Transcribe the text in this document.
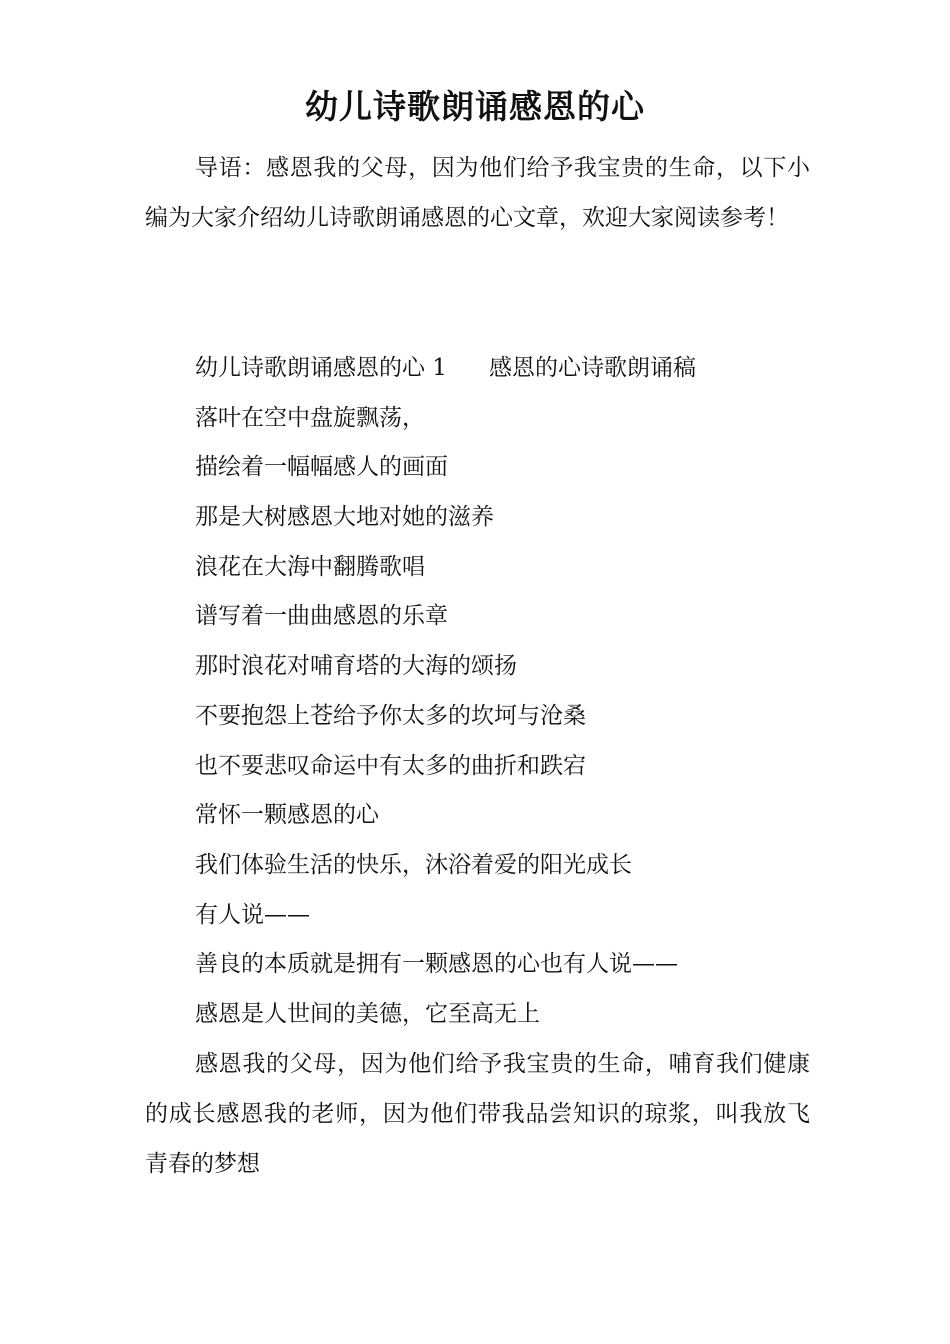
幼儿诗歌朗诵感恩的心

导语：感恩我的父母，因为他们给予我宝贵的生命，以下小编为大家介绍幼儿诗歌朗诵感恩的心文章，欢迎大家阅读参考！

幼儿诗歌朗诵感恩的心 1 感恩的心诗歌朗诵稿
落叶在空中盘旋飘荡，
描绘着一幅幅感人的画面
那是大树感恩大地对她的滋养
浪花在大海中翻腾歌唱
谱写着一曲曲感恩的乐章
那时浪花对哺育塔的大海的颂扬
不要抱怨上苍给予你太多的坎坷与沧桑
也不要悲叹命运中有太多的曲折和跌宕
常怀一颗感恩的心
我们体验生活的快乐，沐浴着爱的阳光成长
有人说——
善良的本质就是拥有一颗感恩的心也有人说——
感恩是人世间的美德，它至高无上

感恩我的父母，因为他们给予我宝贵的生命，哺育我们健康的成长感恩我的老师，因为他们带我品尝知识的琼浆，叫我放飞青春的梦想
